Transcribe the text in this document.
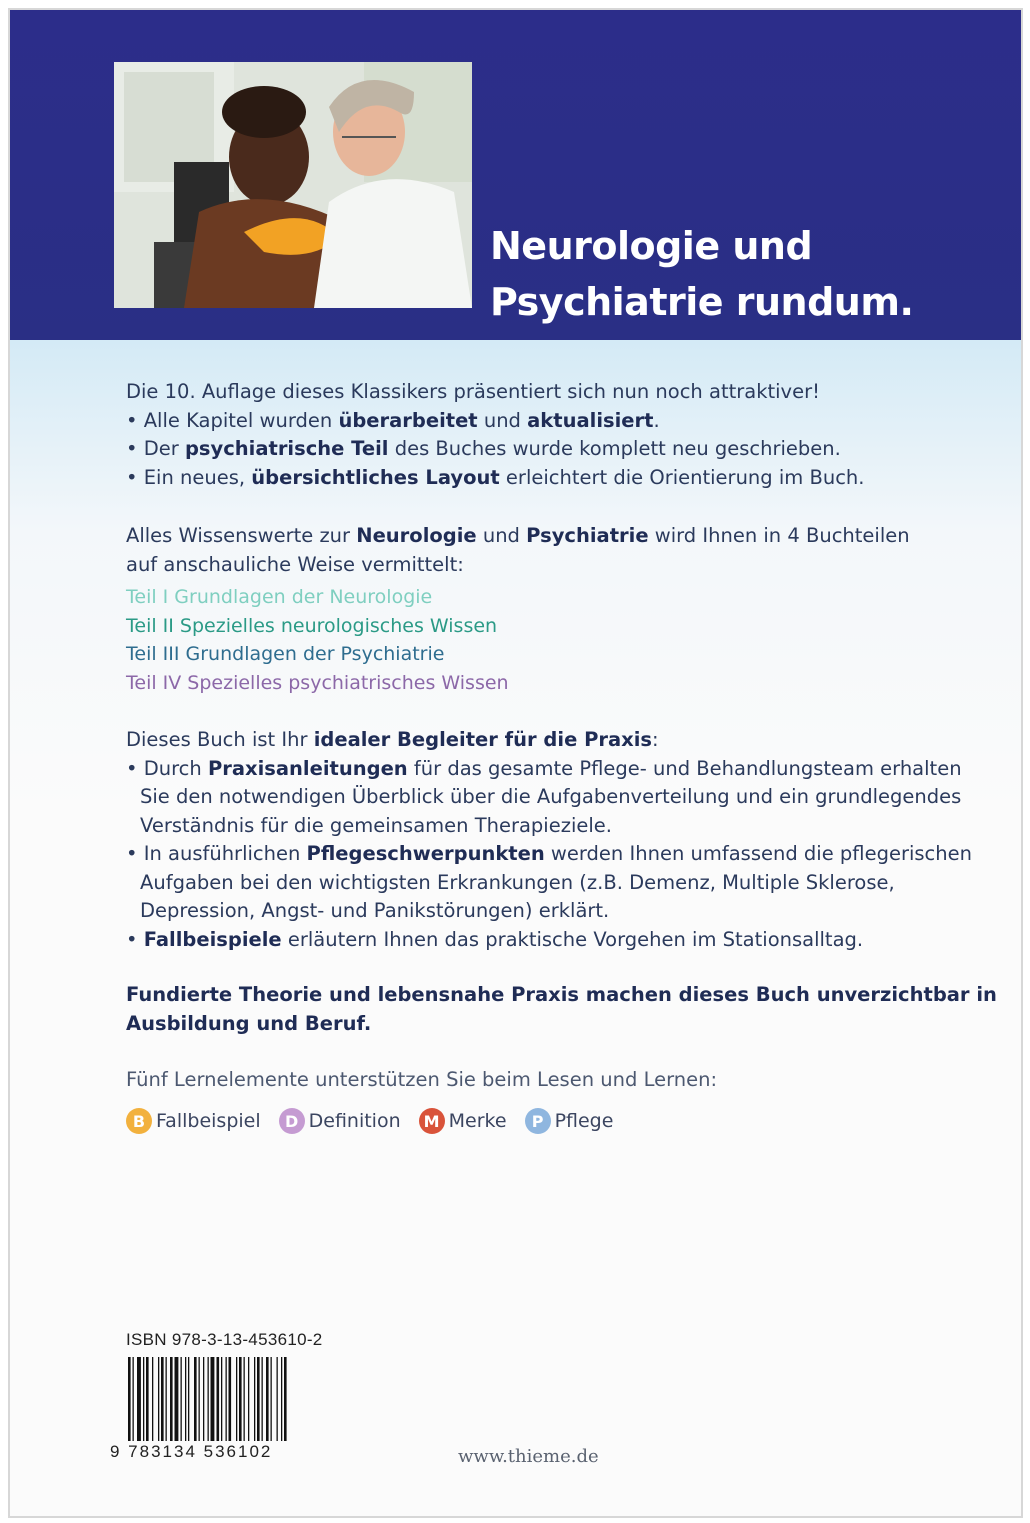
Neurologie und
Psychiatrie rundum.
Die 10. Auflage dieses Klassikers präsentiert sich nun noch attraktiver!
• Alle Kapitel wurden überarbeitet und aktualisiert.
• Der psychiatrische Teil des Buches wurde komplett neu geschrieben.
• Ein neues, übersichtliches Layout erleichtert die Orientierung im Buch.
Alles Wissenswerte zur Neurologie und Psychiatrie wird Ihnen in 4 Buchteilen
auf anschauliche Weise vermittelt:
Teil I Grundlagen der Neurologie
Teil II Spezielles neurologisches Wissen
Teil III Grundlagen der Psychiatrie
Teil IV Spezielles psychiatrisches Wissen
Dieses Buch ist Ihr idealer Begleiter für die Praxis:
• Durch Praxisanleitungen für das gesamte Pflege- und Behandlungsteam erhalten
Sie den notwendigen Überblick über die Aufgabenverteilung und ein grundlegendes
Verständnis für die gemeinsamen Therapieziele.
• In ausführlichen Pflegeschwerpunkten werden Ihnen umfassend die pflegerischen
Aufgaben bei den wichtigsten Erkrankungen (z.B. Demenz, Multiple Sklerose,
Depression, Angst- und Panikstörungen) erklärt.
• Fallbeispiele erläutern Ihnen das praktische Vorgehen im Stationsalltag.
Fundierte Theorie und lebensnahe Praxis machen dieses Buch unverzichtbar in
Ausbildung und Beruf.
Fünf Lernelemente unterstützen Sie beim Lesen und Lernen:
B Fallbeispiel	D Definition	M Merke	P Pflege
ISBN 978-3-13-453610-2
9 783134 536102	www.thieme.de
